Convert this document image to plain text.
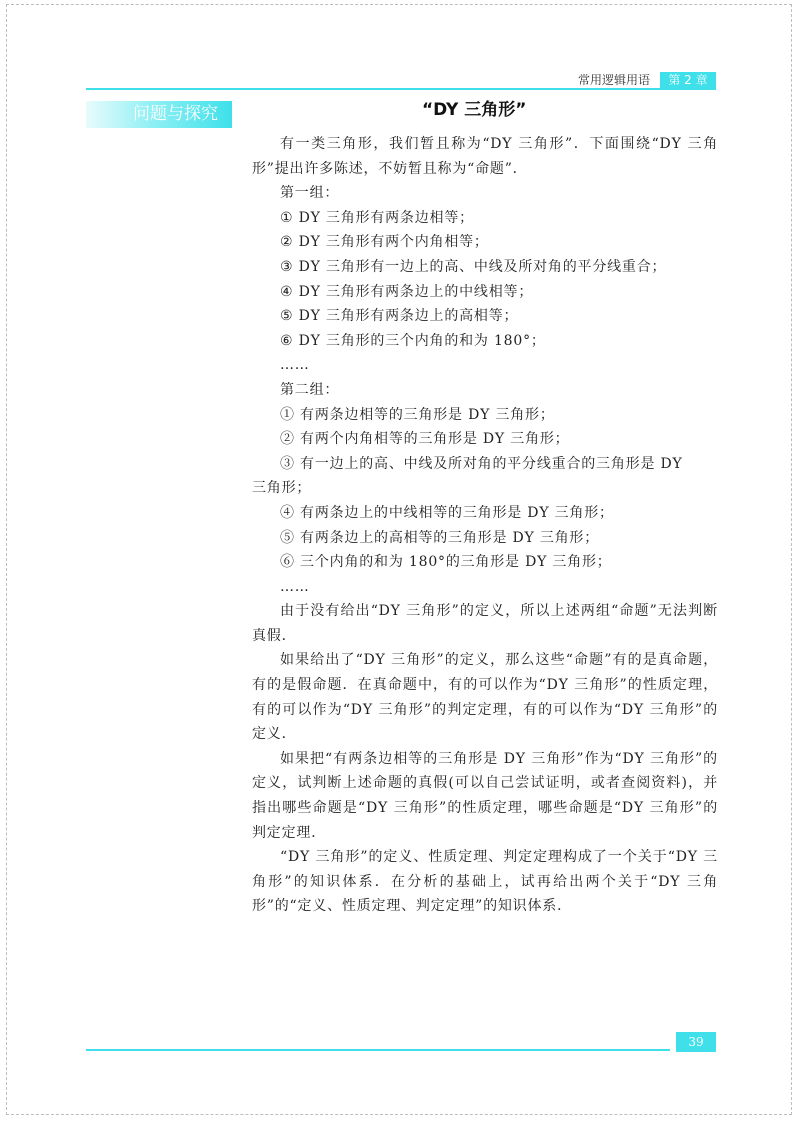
常用逻辑用语	第 2 章
问题与探究	“DY 三角形”

有一类三角形，我们暂且称为“DY 三角形”．下面围绕“DY 三角形”提出许多陈述，不妨暂且称为“命题”．

第一组：

① DY 三角形有两条边相等；

② DY 三角形有两个内角相等；

③ DY 三角形有一边上的高、中线及所对角的平分线重合；

④ DY 三角形有两条边上的中线相等；

⑤ DY 三角形有两条边上的高相等；

⑥ DY 三角形的三个内角的和为 180°；

……

第二组：

① 有两条边相等的三角形是 DY 三角形；

② 有两个内角相等的三角形是 DY 三角形；

③ 有一边上的高、中线及所对角的平分线重合的三角形是 DY
三角形；

④ 有两条边上的中线相等的三角形是 DY 三角形；

⑤ 有两条边上的高相等的三角形是 DY 三角形；

⑥ 三个内角的和为 180°的三角形是 DY 三角形；

……

由于没有给出“DY 三角形”的定义，所以上述两组“命题”无法判断真假．

如果给出了“DY 三角形”的定义，那么这些“命题”有的是真命题，有的是假命题．在真命题中，有的可以作为“DY 三角形”的性质定理，有的可以作为“DY 三角形”的判定定理，有的可以作为“DY 三角形”的定义．

如果把“有两条边相等的三角形是 DY 三角形”作为“DY 三角形”的定义，试判断上述命题的真假(可以自己尝试证明，或者查阅资料)，并指出哪些命题是“DY 三角形”的性质定理，哪些命题是“DY 三角形”的判定定理．

“DY 三角形”的定义、性质定理、判定定理构成了一个关于“DY 三角形”的知识体系．在分析的基础上，试再给出两个关于“DY 三角形”的“定义、性质定理、判定定理”的知识体系．

39
